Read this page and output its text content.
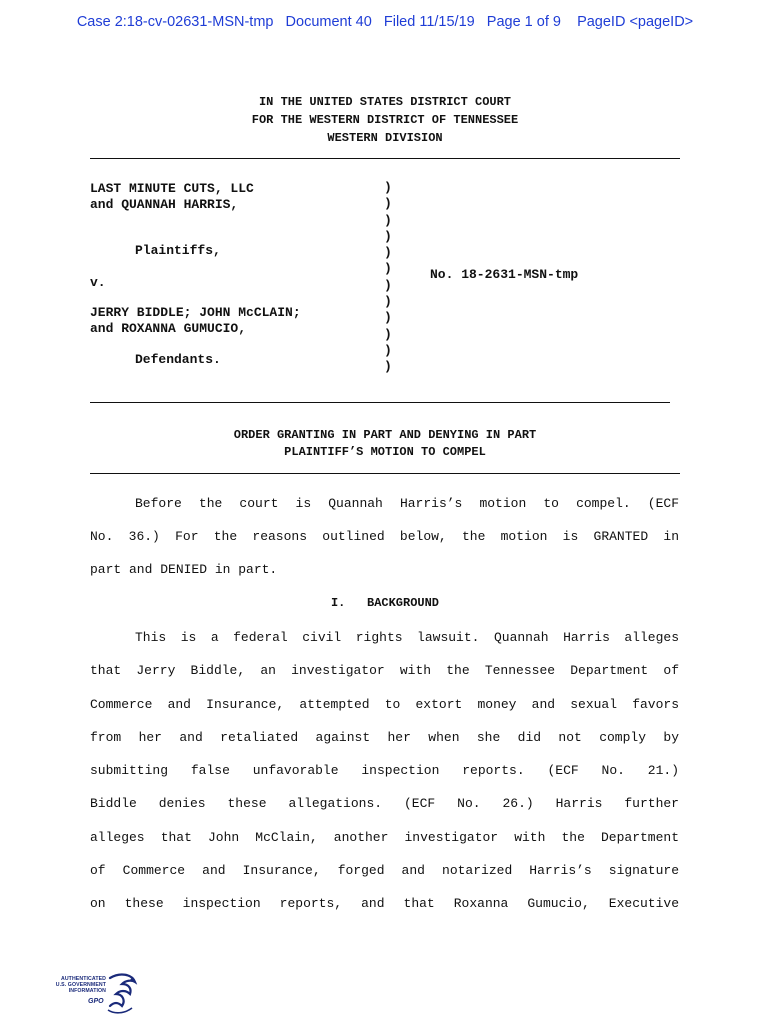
Case 2:18-cv-02631-MSN-tmp   Document 40   Filed 11/15/19   Page 1 of 9    PageID <pageID>
IN THE UNITED STATES DISTRICT COURT
FOR THE WESTERN DISTRICT OF TENNESSEE
WESTERN DIVISION
LAST MINUTE CUTS, LLC
and QUANNAH HARRIS,
Plaintiffs,
v.
JERRY BIDDLE; JOHN McCLAIN;
and ROXANNA GUMUCIO,
Defendants.
)
)
)
)
)
)
)
)
)
)
)
)
No. 18-2631-MSN-tmp
ORDER GRANTING IN PART AND DENYING IN PART
PLAINTIFF’S MOTION TO COMPEL
Before the court is Quannah Harris’s motion to compel. (ECF
No. 36.) For the reasons outlined below, the motion is GRANTED in
part and DENIED in part.
I.   BACKGROUND
This is a federal civil rights lawsuit. Quannah Harris alleges
that Jerry Biddle, an investigator with the Tennessee Department of
Commerce and Insurance, attempted to extort money and sexual favors
from her and retaliated against her when she did not comply by
submitting false unfavorable inspection reports. (ECF No. 21.)
Biddle denies these allegations. (ECF No. 26.) Harris further
alleges that John McClain, another investigator with the Department
of Commerce and Insurance, forged and notarized Harris’s signature
on these inspection reports, and that Roxanna Gumucio, Executive
AUTHENTICATED
U.S. GOVERNMENT
INFORMATION
GPO
